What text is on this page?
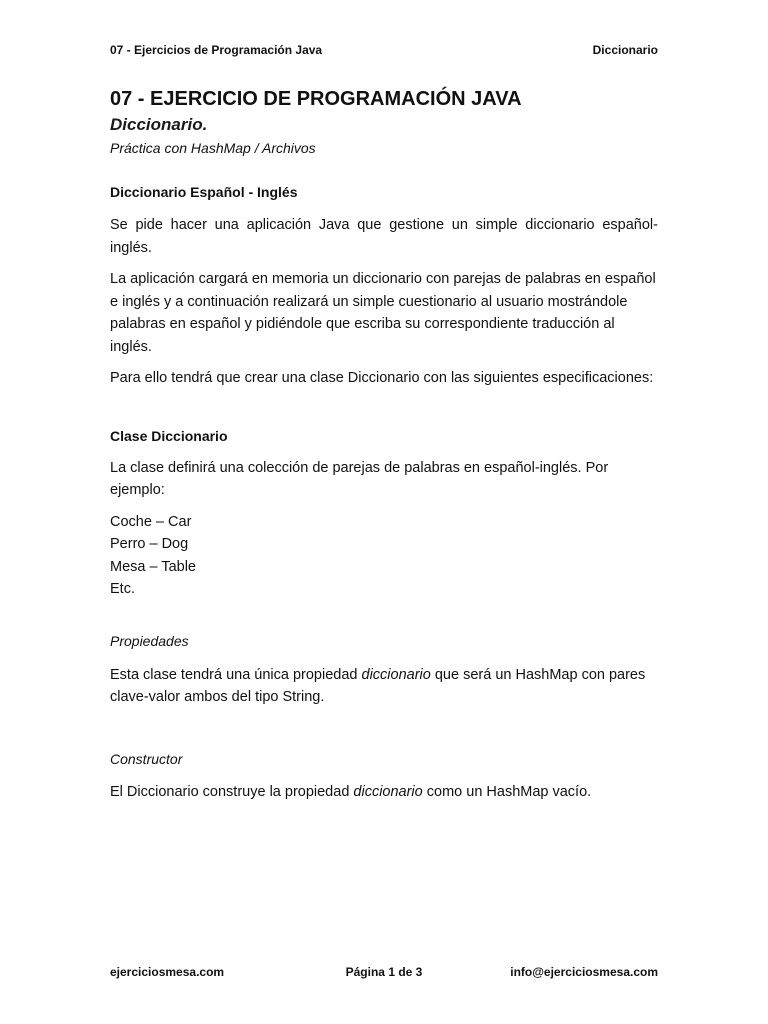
07 - Ejercicios de Programación Java	Diccionario
07 - EJERCICIO DE PROGRAMACIÓN JAVA
Diccionario.
Práctica con HashMap / Archivos
Diccionario Español - Inglés

Se pide hacer una aplicación Java que gestione un simple diccionario español-inglés.

La aplicación cargará en memoria un diccionario con parejas de palabras en español e inglés y a continuación realizará un simple cuestionario al usuario mostrándole palabras en español y pidiéndole que escriba su correspondiente traducción al inglés.

Para ello tendrá que crear una clase Diccionario con las siguientes especificaciones:

Clase Diccionario

La clase definirá una colección de parejas de palabras en español-inglés. Por ejemplo:

Coche – Car
Perro – Dog
Mesa – Table
Etc.
Propiedades

Esta clase tendrá una única propiedad diccionario que será un HashMap con pares clave-valor ambos del tipo String.

Constructor

El Diccionario construye la propiedad diccionario como un HashMap vacío.

ejerciciosmesa.com	Página 1 de 3	info@ejerciciosmesa.com
